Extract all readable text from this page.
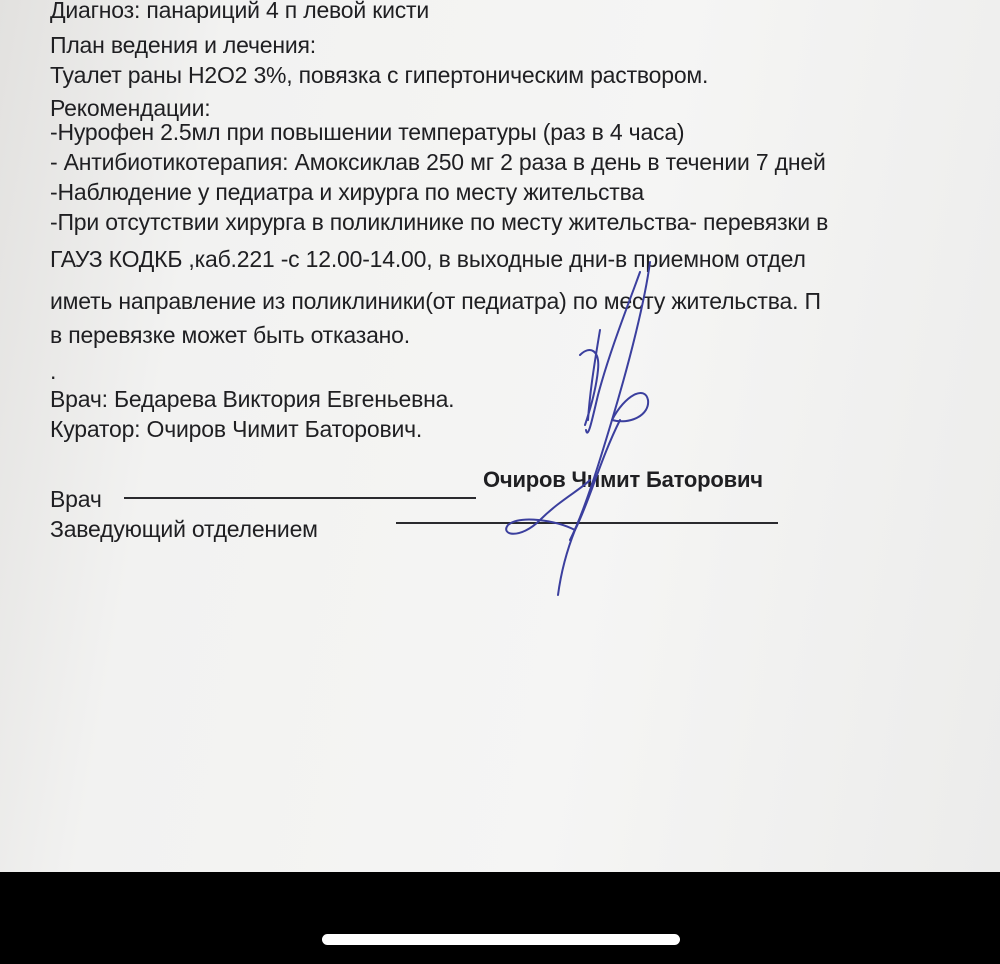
Диагноз: панариций 4 п левой кисти
План ведения и лечения:
Туалет раны Н2О2 3%, повязка с гипертоническим раствором.
Рекомендации:
-Нурофен 2.5мл при повышении температуры (раз в 4 часа)
- Антибиотикотерапия: Амоксиклав 250 мг 2 раза в день в течении 7 дней
-Наблюдение у педиатра и хирурга по месту жительства
-При отсутствии хирурга в поликлинике по месту жительства- перевязки в
ГАУЗ КОДКБ ,каб.221 -с 12.00-14.00, в выходные дни-в приемном отдел
иметь направление из поликлиники(от педиатра) по месту жительства. П
в перевязке может быть отказано.
.
Врач: Бедарева Виктория Евгеньевна.
Куратор: Очиров Чимит Баторович.
Врач
Очиров Чимит Баторович
Заведующий отделением
